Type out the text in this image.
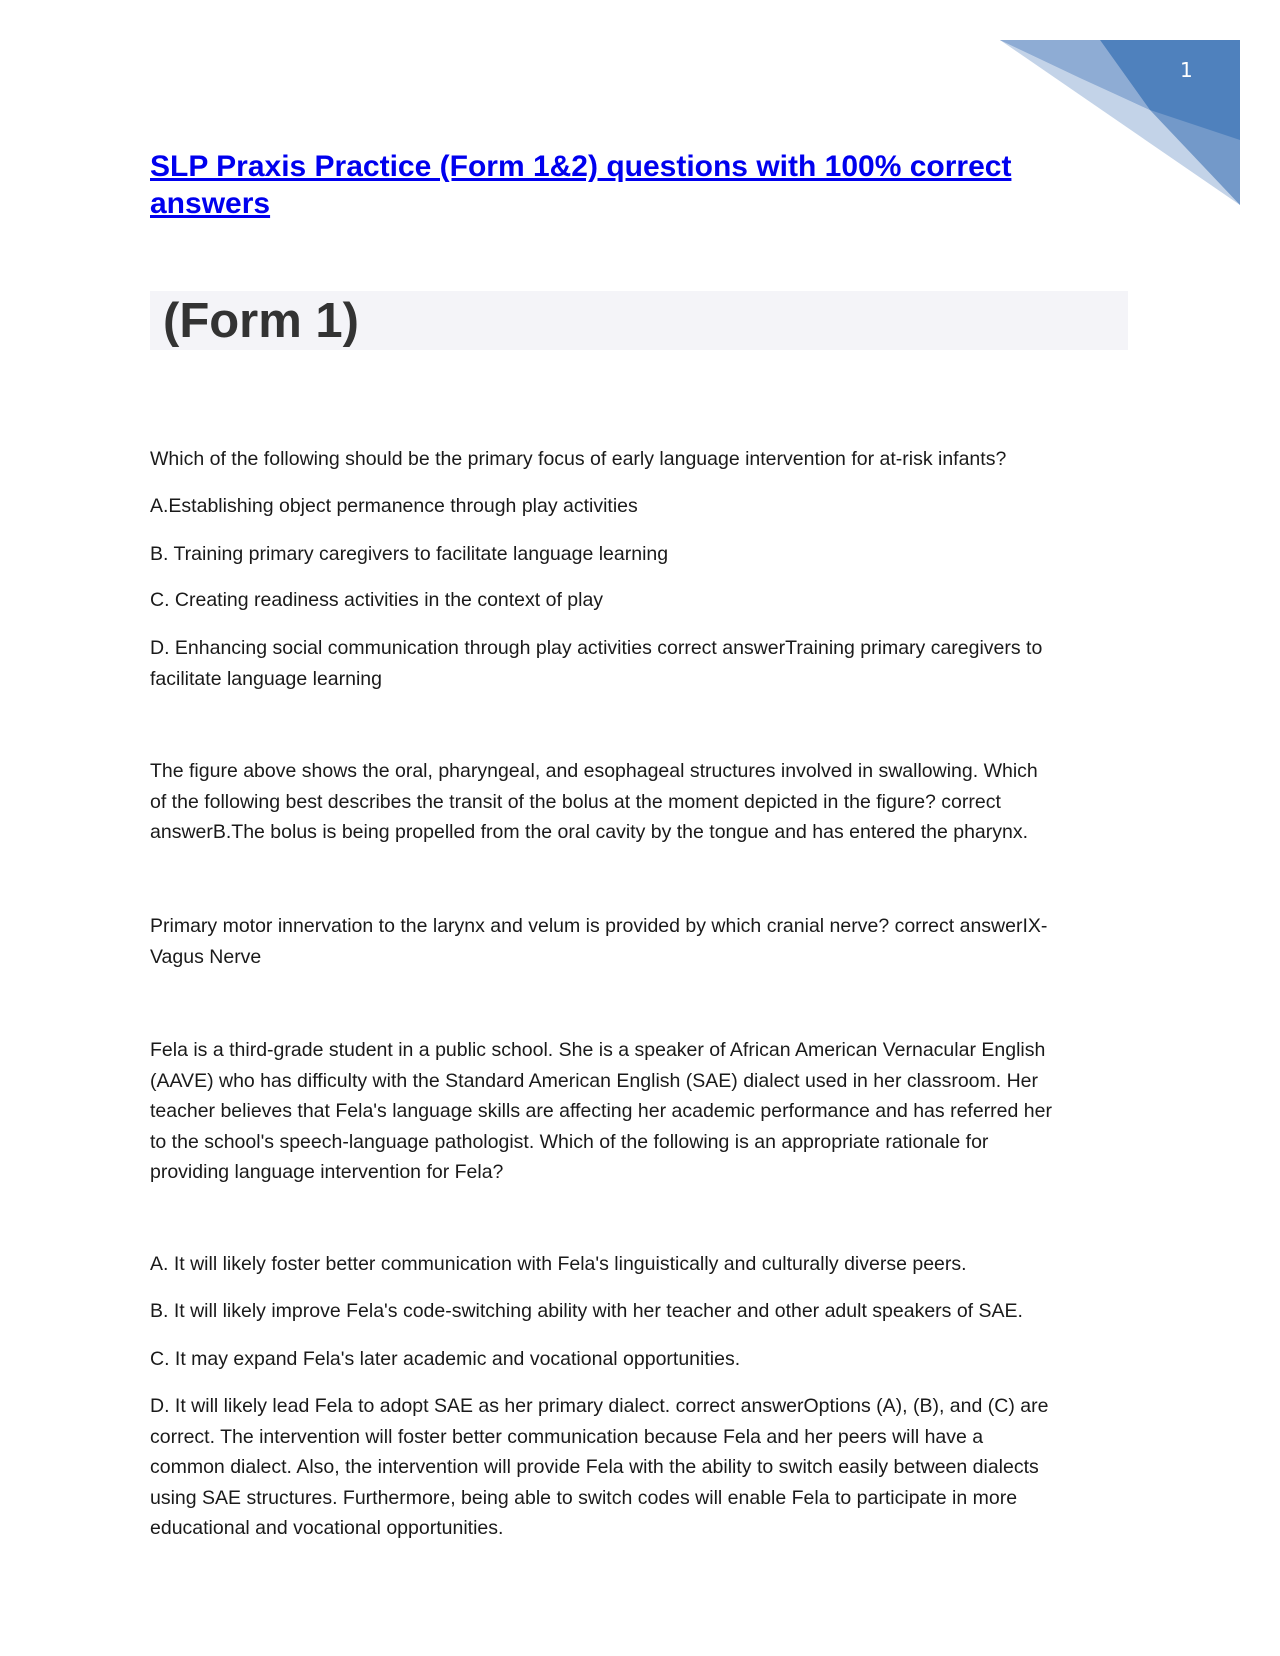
1
SLP Praxis Practice (Form 1&2) questions with 100% correct answers
(Form 1)
Which of the following should be the primary focus of early language intervention for at-risk infants?
A.Establishing object permanence through play activities
B. Training primary caregivers to facilitate language learning
C. Creating readiness activities in the context of play
D. Enhancing social communication through play activities correct answerTraining primary caregivers to
facilitate language learning
The figure above shows the oral, pharyngeal, and esophageal structures involved in swallowing. Which
of the following best describes the transit of the bolus at the moment depicted in the figure? correct
answerB.The bolus is being propelled from the oral cavity by the tongue and has entered the pharynx.
Primary motor innervation to the larynx and velum is provided by which cranial nerve? correct answerIX-
Vagus Nerve
Fela is a third-grade student in a public school. She is a speaker of African American Vernacular English
(AAVE) who has difficulty with the Standard American English (SAE) dialect used in her classroom. Her
teacher believes that Fela's language skills are affecting her academic performance and has referred her
to the school's speech-language pathologist. Which of the following is an appropriate rationale for
providing language intervention for Fela?
A. It will likely foster better communication with Fela's linguistically and culturally diverse peers.
B. It will likely improve Fela's code-switching ability with her teacher and other adult speakers of SAE.
C. It may expand Fela's later academic and vocational opportunities.
D. It will likely lead Fela to adopt SAE as her primary dialect. correct answerOptions (A), (B), and (C) are
correct. The intervention will foster better communication because Fela and her peers will have a
common dialect. Also, the intervention will provide Fela with the ability to switch easily between dialects
using SAE structures. Furthermore, being able to switch codes will enable Fela to participate in more
educational and vocational opportunities.
